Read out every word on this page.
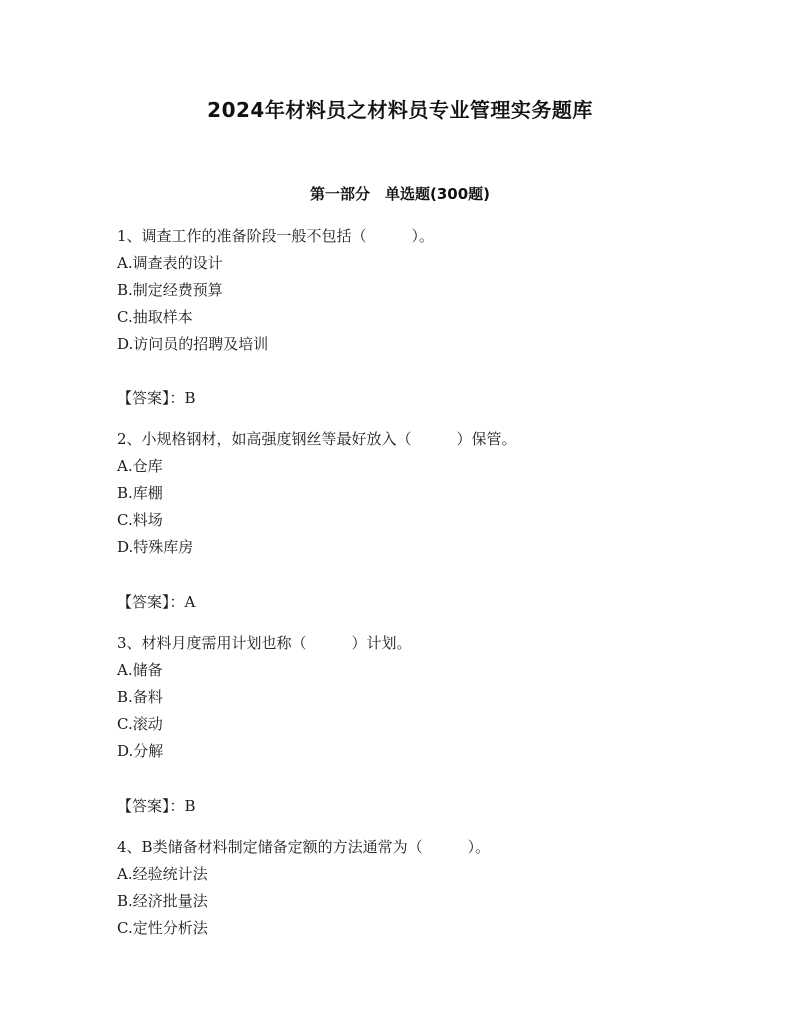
2024年材料员之材料员专业管理实务题库
第一部分　单选题(300题)
1、调查工作的准备阶段一般不包括（　　　）。
A.调查表的设计
B.制定经费预算
C.抽取样本
D.访问员的招聘及培训
【答案】：B
2、小规格钢材，如高强度钢丝等最好放入（　　　）保管。
A.仓库
B.库棚
C.料场
D.特殊库房
【答案】：A
3、材料月度需用计划也称（　　　）计划。
A.储备
B.备料
C.滚动
D.分解
【答案】：B
4、B类储备材料制定储备定额的方法通常为（　　　）。
A.经验统计法
B.经济批量法
C.定性分析法
